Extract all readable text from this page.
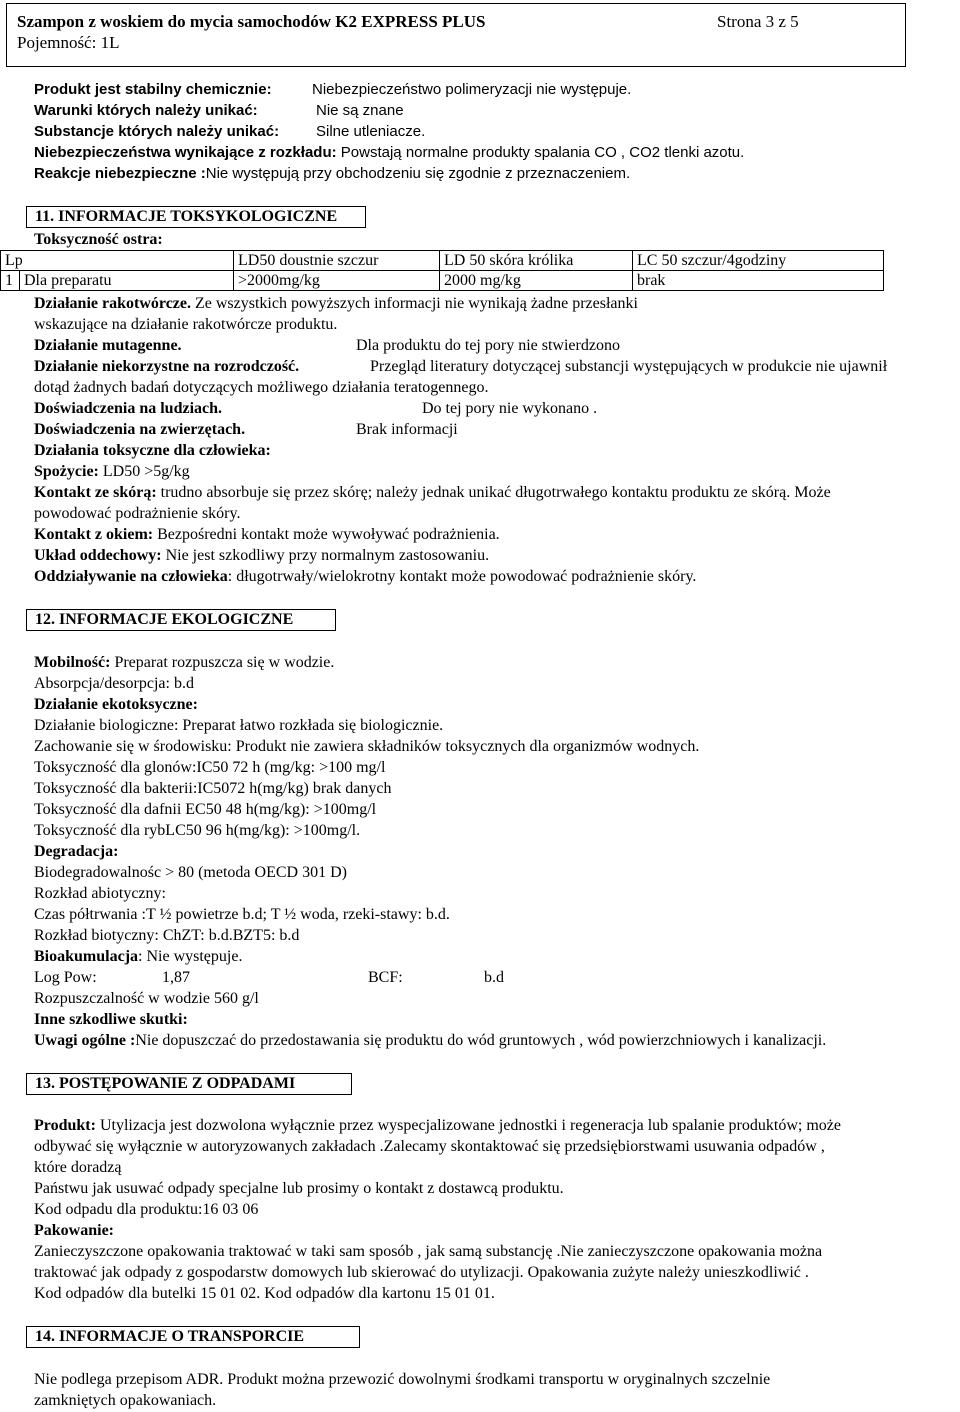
Szampon z woskiem do mycia samochodów K2 EXPRESS PLUS	Strona 3 z 5
Pojemność: 1L
Produkt jest stabilny chemicznie:	Niebezpieczeństwo polimeryzacji nie występuje.
Warunki których należy unikać:	Nie są znane
Substancje których należy unikać: Silne utleniacze.
Niebezpieczeństwa wynikające z rozkładu: Powstają normalne produkty spalania CO , CO2 tlenki azotu.
Reakcje niebezpieczne :Nie występują przy obchodzeniu się zgodnie z przeznaczeniem.
11. INFORMACJE TOKSYKOLOGICZNE
Toksyczność ostra:
Lp		LD50 doustnie szczur	LD 50 skóra królika	LC 50 szczur/4godziny
1	Dla preparatu	>2000mg/kg	2000 mg/kg	brak
Działanie rakotwórcze. Ze wszystkich powyższych informacji nie wynikają żadne przesłanki
wskazujące na działanie rakotwórcze produktu.
Działanie mutagenne.	Dla produktu do tej pory nie stwierdzono
Działanie niekorzystne na rozrodczość.	Przegląd literatury dotyczącej substancji występujących w produkcie nie ujawnił
dotąd żadnych badań dotyczących możliwego działania teratogennego.
Doświadczenia na ludziach.	Do tej pory nie wykonano .
Doświadczenia na zwierzętach.	Brak informacji
Działania toksyczne dla człowieka:
Spożycie: LD50 >5g/kg
Kontakt ze skórą: trudno absorbuje się przez skórę; należy jednak unikać długotrwałego kontaktu produktu ze skórą. Może
powodować podrażnienie skóry.
Kontakt z okiem: Bezpośredni kontakt może wywoływać podrażnienia.
Układ oddechowy: Nie jest szkodliwy przy normalnym zastosowaniu.
Oddziaływanie na człowieka: długotrwały/wielokrotny kontakt może powodować podrażnienie skóry.
12. INFORMACJE EKOLOGICZNE
Mobilność: Preparat rozpuszcza się w wodzie.
Absorpcja/desorpcja: b.d
Działanie ekotoksyczne:
Działanie biologiczne: Preparat łatwo rozkłada się biologicznie.
Zachowanie się w środowisku: Produkt nie zawiera składników toksycznych dla organizmów wodnych.
Toksyczność dla glonów:IC50 72 h (mg/kg: >100 mg/l
Toksyczność dla bakterii:IC5072 h(mg/kg) brak danych
Toksyczność dla dafnii EC50 48 h(mg/kg): >100mg/l
Toksyczność dla rybLC50 96 h(mg/kg): >100mg/l.
Degradacja:
Biodegradowalnośc > 80 (metoda OECD 301 D)
Rozkład abiotyczny:
Czas półtrwania :T ½ powietrze b.d; T ½ woda, rzeki-stawy: b.d.
Rozkład biotyczny: ChZT: b.d.BZT5: b.d
Bioakumulacja: Nie występuje.
Log Pow:	1,87	BCF:	b.d
Rozpuszczalność w wodzie 560 g/l
Inne szkodliwe skutki:
Uwagi ogólne :Nie dopuszczać do przedostawania się produktu do wód gruntowych , wód powierzchniowych i kanalizacji.
13. POSTĘPOWANIE Z ODPADAMI
Produkt: Utylizacja jest dozwolona wyłącznie przez wyspecjalizowane jednostki i regeneracja lub spalanie produktów; może
odbywać się wyłącznie w autoryzowanych zakładach .Zalecamy skontaktować się przedsiębiorstwami usuwania odpadów ,
które doradzą
Państwu jak usuwać odpady specjalne lub prosimy o kontakt z dostawcą produktu.
Kod odpadu dla produktu:16 03 06
Pakowanie:
Zanieczyszczone opakowania traktować w taki sam sposób , jak samą substancję .Nie zanieczyszczone opakowania można
traktować jak odpady z gospodarstw domowych lub skierować do utylizacji. Opakowania zużyte należy unieszkodliwić .
Kod odpadów dla butelki 15 01 02. Kod odpadów dla kartonu 15 01 01.
14. INFORMACJE O TRANSPORCIE
Nie podlega przepisom ADR. Produkt można przewozić dowolnymi środkami transportu w oryginalnych szczelnie
zamkniętych opakowaniach.
